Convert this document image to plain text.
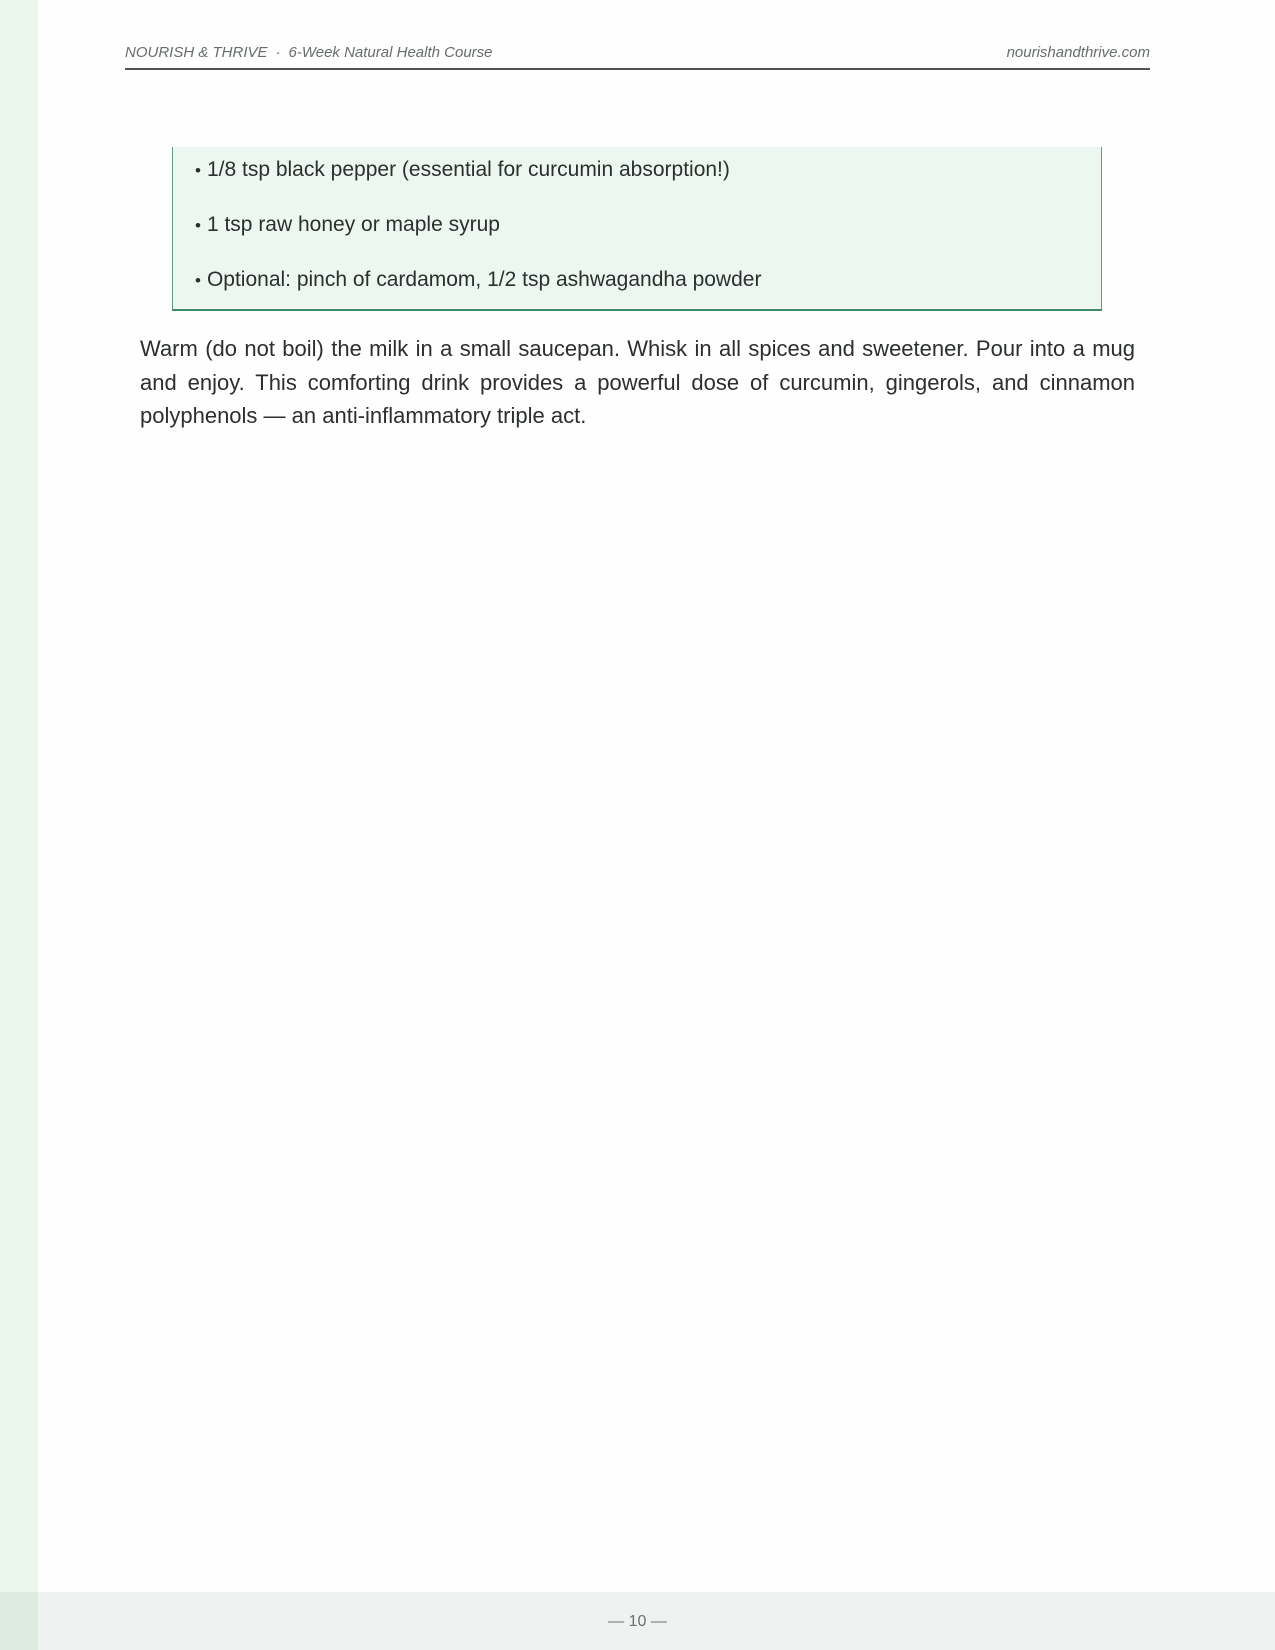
NOURISH & THRIVE · 6-Week Natural Health Course	nourishandthrive.com
• 1/8 tsp black pepper (essential for curcumin absorption!)
• 1 tsp raw honey or maple syrup
• Optional: pinch of cardamom, 1/2 tsp ashwagandha powder

Warm (do not boil) the milk in a small saucepan. Whisk in all spices and sweetener. Pour into a mug and enjoy. This comforting drink provides a powerful dose of curcumin, gingerols, and cinnamon polyphenols — an anti-inflammatory triple act.

— 10 —
